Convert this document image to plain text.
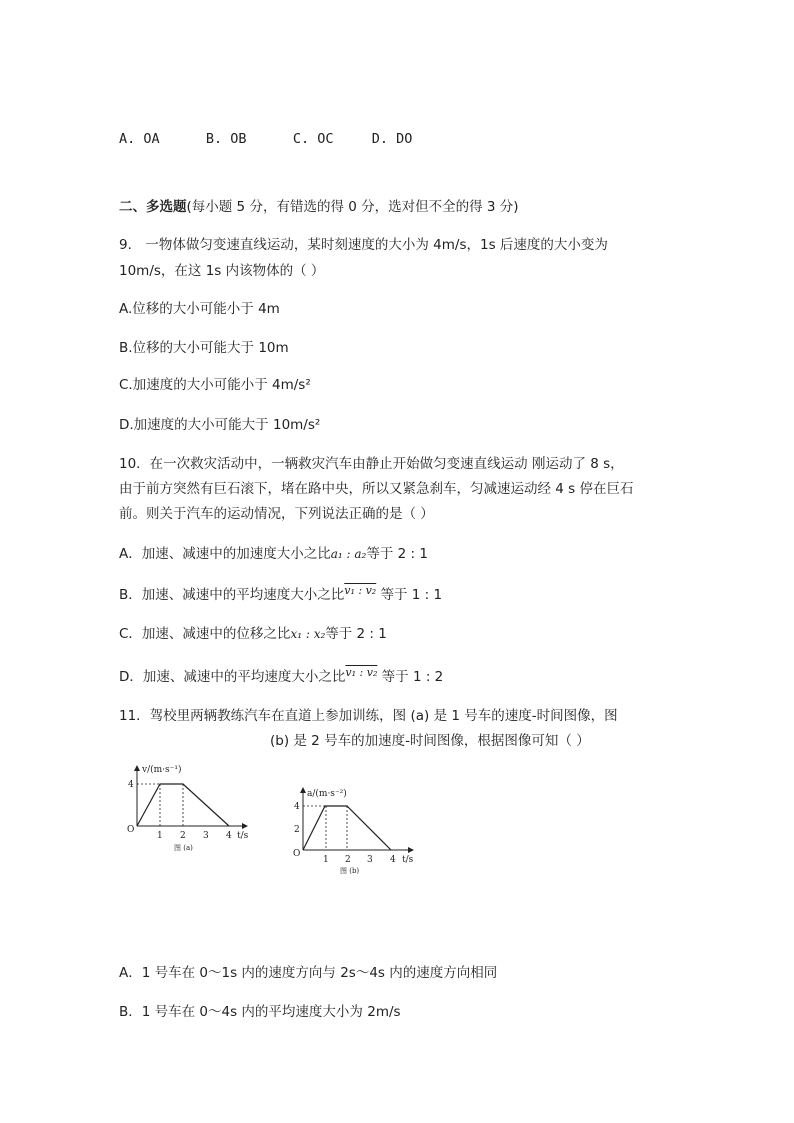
A. OA	B. OB	C. OC	D. DO
二、多选题(每小题 5 分，有错选的得 0 分，选对但不全的得 3 分)
9． 一物体做匀变速直线运动，某时刻速度的大小为 4m/s，1s 后速度的大小变为
10m/s，在这 1s 内该物体的（ ）
A.位移的大小可能小于 4m
B.位移的大小可能大于 10m
C.加速度的大小可能小于 4m/s²
D.加速度的大小可能大于 10m/s²
10．在一次救灾活动中，一辆救灾汽车由静止开始做匀变速直线运动 刚运动了 8 s，
由于前方突然有巨石滚下，堵在路中央，所以又紧急刹车，匀减速运动经 4 s 停在巨石
前。则关于汽车的运动情况，下列说法正确的是（ ）
A．加速、减速中的加速度大小之比a₁ : a₂等于 2 : 1
B．加速、减速中的平均速度大小之比v₁ : v₂ 等于 1 : 1
C．加速、减速中的位移之比x₁ : x₂等于 2 : 1
D．加速、减速中的平均速度大小之比v₁ : v₂ 等于 1 : 2
11．驾校里两辆教练汽车在直道上参加训练，图 (a) 是 1 号车的速度-时间图像，图
(b) 是 2 号车的加速度-时间图像，根据图像可知（ ）
v/(m·s⁻¹)
t/s
O
4
1 2 3 4
图 (a)
a/(m·s⁻²)
t/s
O
2
4
1 2 3 4
图 (b)
A．1 号车在 0～1s 内的速度方向与 2s～4s 内的速度方向相同
B．1 号车在 0～4s 内的平均速度大小为 2m/s
